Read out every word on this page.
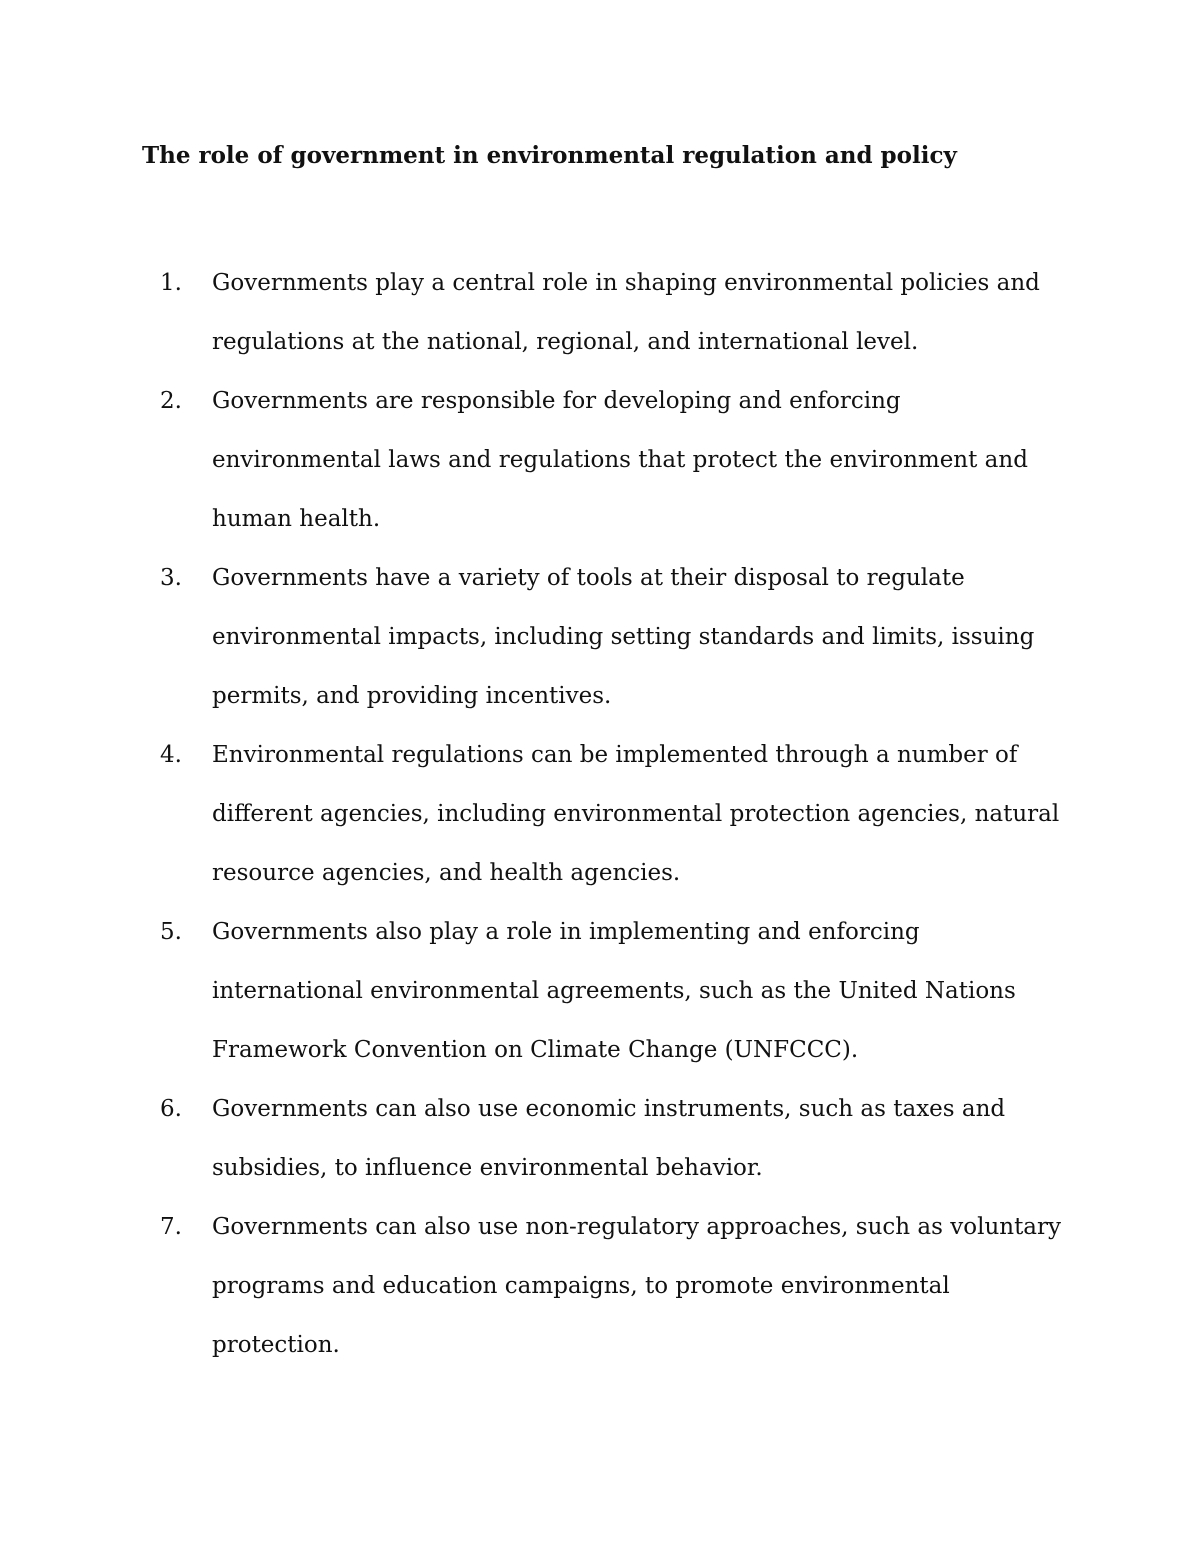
The role of government in environmental regulation and policy
1. Governments play a central role in shaping environmental policies and
regulations at the national, regional, and international level.
2. Governments are responsible for developing and enforcing
environmental laws and regulations that protect the environment and
human health.
3. Governments have a variety of tools at their disposal to regulate
environmental impacts, including setting standards and limits, issuing
permits, and providing incentives.
4. Environmental regulations can be implemented through a number of
different agencies, including environmental protection agencies, natural
resource agencies, and health agencies.
5. Governments also play a role in implementing and enforcing
international environmental agreements, such as the United Nations
Framework Convention on Climate Change (UNFCCC).
6. Governments can also use economic instruments, such as taxes and
subsidies, to influence environmental behavior.
7. Governments can also use non-regulatory approaches, such as voluntary
programs and education campaigns, to promote environmental
protection.
